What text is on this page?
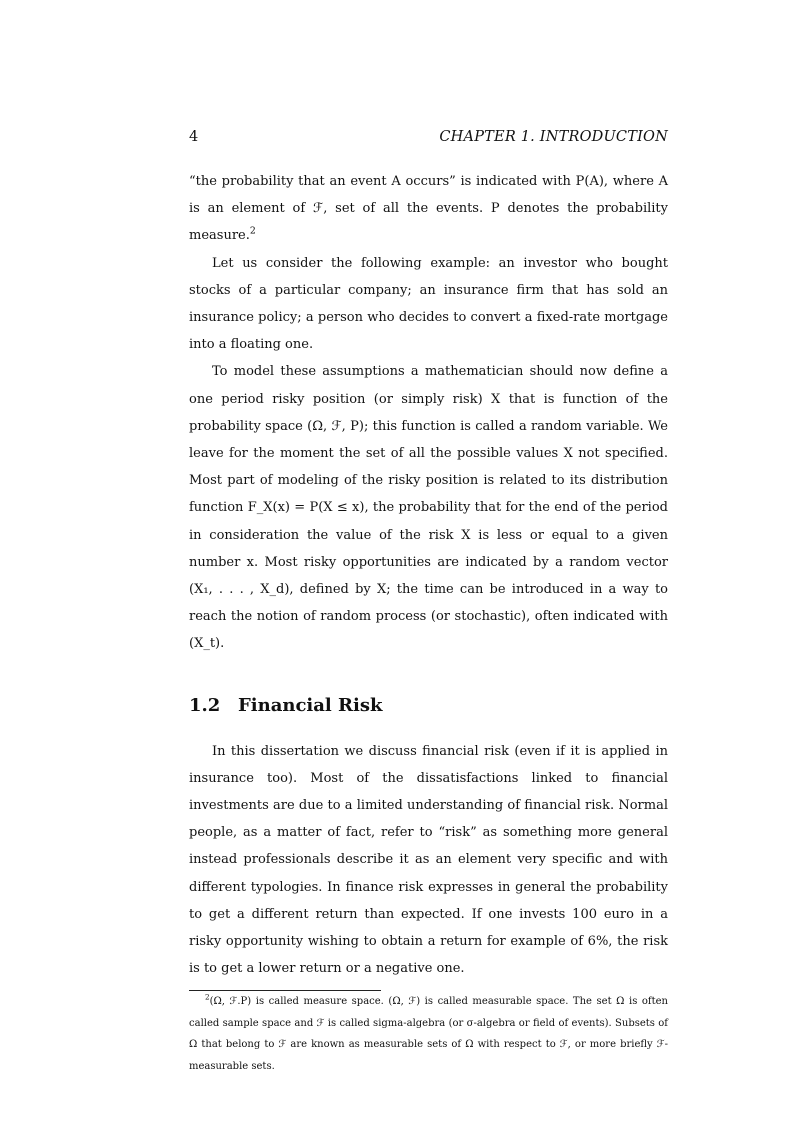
4	CHAPTER 1. INTRODUCTION

“the probability that an event A occurs” is indicated with P(A), where A is an element of ℱ, set of all the events. P denotes the probability measure.$^2$

Let us consider the following example: an investor who bought stocks of a particular company; an insurance firm that has sold an insurance policy; a person who decides to convert a fixed-rate mortgage into a floating one.

To model these assumptions a mathematician should now define a one period risky position (or simply risk) X that is function of the probability space (Ω, ℱ, P); this function is called a random variable. We leave for the moment the set of all the possible values X not specified. Most part of modeling of the risky position is related to its distribution function F_X(x) = P(X ≤ x), the probability that for the end of the period in consideration the value of the risk X is less or equal to a given number x. Most risky opportunities are indicated by a random vector (X₁, . . . , X_d), defined by X; the time can be introduced in a way to reach the notion of random process (or stochastic), often indicated with (X_t).

1.2 Financial Risk

In this dissertation we discuss financial risk (even if it is applied in insurance too). Most of the dissatisfactions linked to financial investments are due to a limited understanding of financial risk. Normal people, as a matter of fact, refer to “risk” as something more general instead professionals describe it as an element very specific and with different typologies. In finance risk expresses in general the probability to get a different return than expected. If one invests 100 euro in a risky opportunity wishing to obtain a return for example of 6%, the risk is to get a lower return or a negative one.

$^2$(Ω, ℱ.P) is called measure space. (Ω, ℱ) is called measurable space. The set Ω is often called sample space and ℱ is called sigma-algebra (or σ-algebra or field of events). Subsets of Ω that belong to ℱ are known as measurable sets of Ω with respect to ℱ, or more briefly ℱ-measurable sets.
